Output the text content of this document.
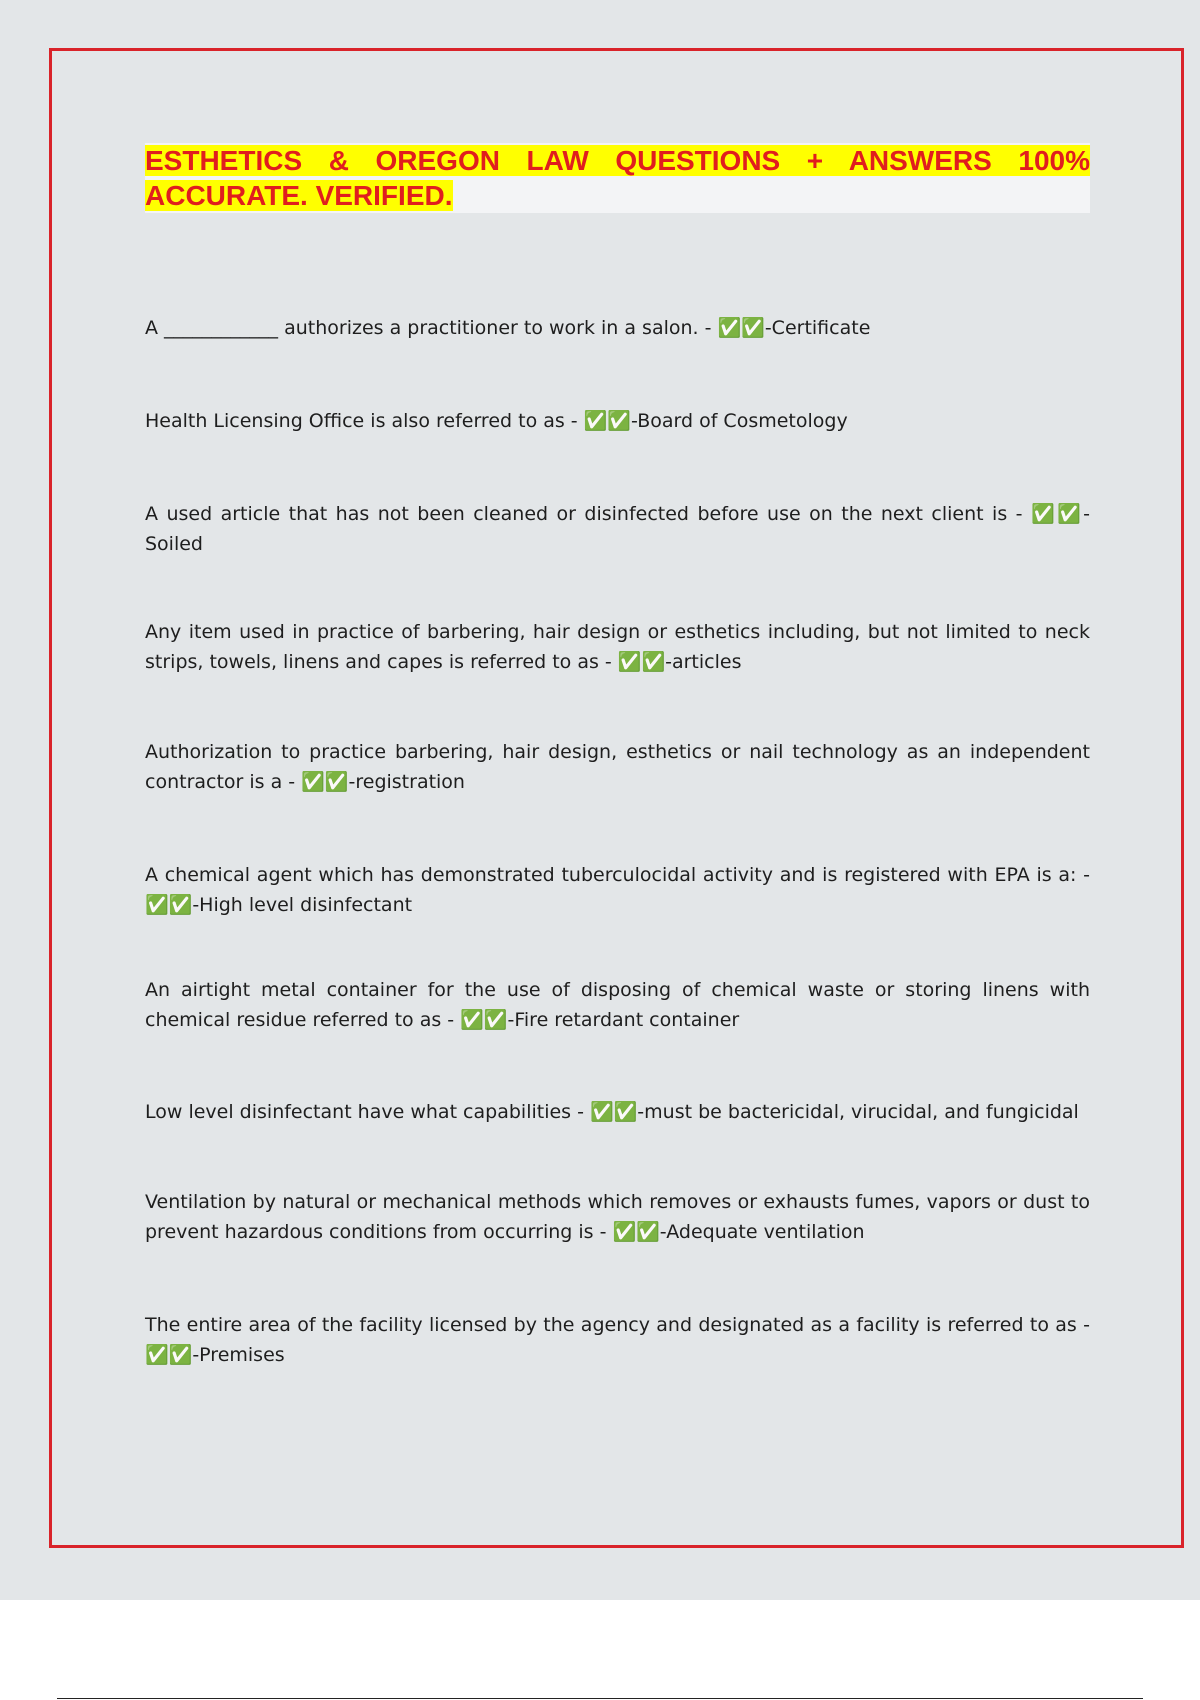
ESTHETICS & OREGON LAW QUESTIONS + ANSWERS 100% ACCURATE. VERIFIED.

A ____________ authorizes a practitioner to work in a salon. - ✅✅-Certificate

Health Licensing Office is also referred to as - ✅✅-Board of Cosmetology

A used article that has not been cleaned or disinfected before use on the next client is - ✅✅-Soiled

Any item used in practice of barbering, hair design or esthetics including, but not limited to neck strips, towels, linens and capes is referred to as - ✅✅-articles

Authorization to practice barbering, hair design, esthetics or nail technology as an independent contractor is a - ✅✅-registration

A chemical agent which has demonstrated tuberculocidal activity and is registered with EPA is a: - ✅✅-High level disinfectant

An airtight metal container for the use of disposing of chemical waste or storing linens with chemical residue referred to as - ✅✅-Fire retardant container

Low level disinfectant have what capabilities - ✅✅-must be bactericidal, virucidal, and fungicidal

Ventilation by natural or mechanical methods which removes or exhausts fumes, vapors or dust to prevent hazardous conditions from occurring is - ✅✅-Adequate ventilation

The entire area of the facility licensed by the agency and designated as a facility is referred to as - ✅✅-Premises
